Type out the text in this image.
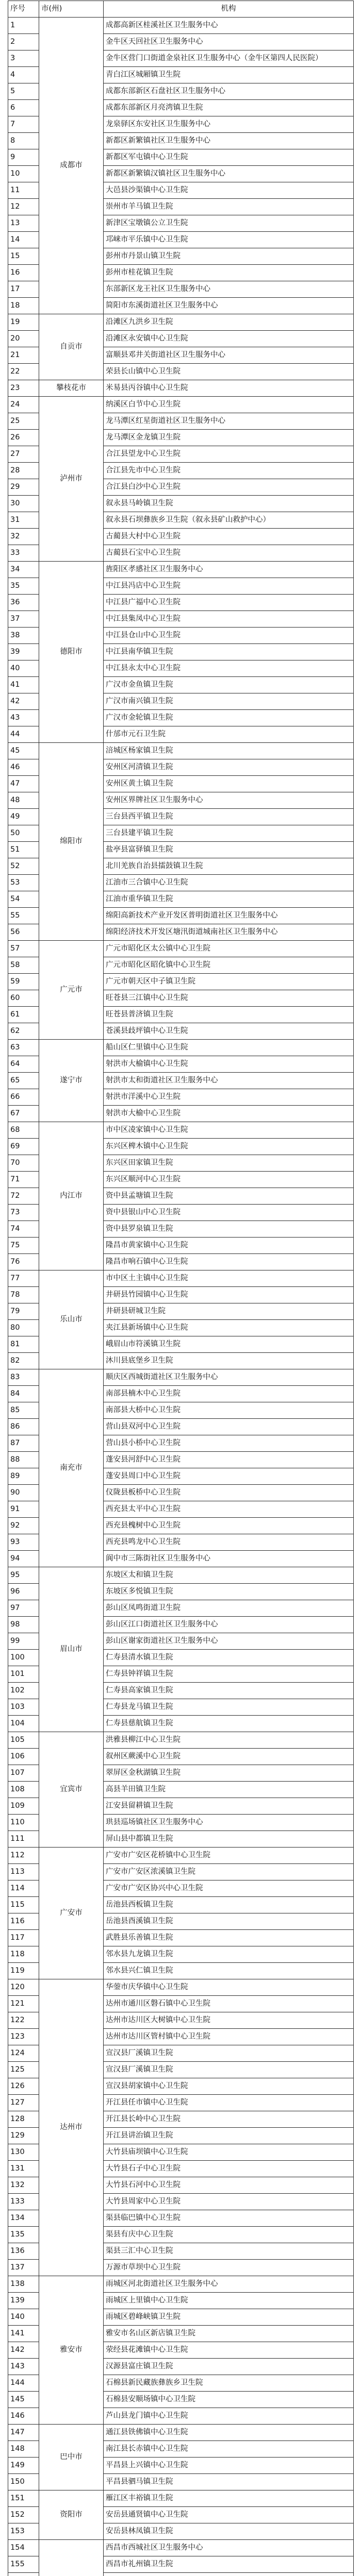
序号	市(州)	机构
1	成都市	成都高新区桂溪社区卫生服务中心
2		金牛区天回社区卫生服务中心
3		金牛区营门口街道金泉社区卫生服务中心（金牛区第四人民医院）
4		青白江区城厢镇卫生院
5		成都东部新区石盘社区卫生服务中心
6		成都东部新区月亮湾镇卫生院
7		龙泉驿区东安社区卫生服务中心
8		新都区新繁镇社区卫生服务中心
9		新都区军屯镇中心卫生院
10		新都区新繁镇汉镇社区卫生服务中心
11		大邑县沙渠镇中心卫生院
12		崇州市羊马镇卫生院
13		新津区宝墩镇公立卫生院
14		邛崃市平乐镇中心卫生院
15		彭州市丹景山镇卫生院
16		彭州市桂花镇卫生院
17		东部新区龙王社区卫生服务中心
18		简阳市东溪街道社区卫生服务中心
19	自贡市	沿滩区九洪乡卫生院
20		沿滩区永安镇中心卫生院
21		富顺县邓井关街道社区卫生服务中心
22		荣县长山镇中心卫生院
23	攀枝花市	米易县丙谷镇中心卫生院
24	泸州市	纳溪区白节中心卫生院
25		龙马潭区红星街道社区卫生服务中心
26		龙马潭区金龙镇卫生院
27		合江县望龙中心卫生院
28		合江县先市中心卫生院
29		合江县白沙中心卫生院
30		叙永县马岭镇卫生院
31		叙永县石坝彝族乡卫生院（叙永县矿山救护中心）
32		古蔺县大村中心卫生院
33		古蔺县石宝中心卫生院
34	德阳市	旌阳区孝感社区卫生服务中心
35		中江县冯店中心卫生院
36		中江县广福中心卫生院
37		中江县集凤中心卫生院
38		中江县仓山中心卫生院
39		中江县南华镇卫生院
40		中江县永太中心卫生院
41		广汉市金鱼镇卫生院
42		广汉市南兴镇卫生院
43		广汉市金轮镇卫生院
44		什邡市元石卫生院
45	绵阳市	涪城区杨家镇卫生院
46		安州区河清镇卫生院
47		安州区黄土镇卫生院
48		安州区界牌社区卫生服务中心
49		三台县西平镇卫生院
50		三台县建平镇卫生院
51		盐亭县富驿镇卫生院
52		北川羌族自治县擂鼓镇卫生院
53		江油市三合镇中心卫生院
54		江油市重华镇卫生院
55		绵阳高新技术产业开发区普明街道社区卫生服务中心
56		绵阳经济技术开发区塘汛街道城南社区卫生服务中心
57	广元市	广元市昭化区太公镇中心卫生院
58		广元市昭化区昭化镇中心卫生院
59		广元市朝天区中子镇卫生院
60		旺苍县三江镇中心卫生院
61		旺苍县普济镇卫生院
62		苍溪县歧坪镇中心卫生院
63	遂宁市	船山区仁里镇中心卫生院
64		射洪市大榆镇中心卫生院
65		射洪市太和街道社区卫生服务中心
66		射洪市洋溪中心卫生院
67		射洪市大榆中心卫生院
68	内江市	市中区凌家镇中心卫生院
69		东兴区椑木镇中心卫生院
70		东兴区田家镇卫生院
71		东兴区顺河中心卫生院
72		资中县孟塘镇卫生院
73		资中县银山中心卫生院
74		资中县罗泉镇卫生院
75		隆昌市黄家镇中心卫生院
76		隆昌市响石镇中心卫生院
77	乐山市	市中区土主镇中心卫生院
78		井研县竹园镇中心卫生院
79		井研县研城卫生院
80		夹江县新场镇中心卫生院
81		峨眉山市符溪镇卫生院
82		沐川县底堡乡卫生院
83	南充市	顺庆区西城街道社区卫生服务中心
84		南部县楠木中心卫生院
85		南部县大桥中心卫生院
86		营山县双河中心卫生院
87		营山县小桥中心卫生院
88		蓬安县河舒中心卫生院
89		蓬安县周口中心卫生院
90		仪陇县板桥中心卫生院
91		西充县太平中心卫生院
92		西充县槐树中心卫生院
93		西充县鸣龙中心卫生院
94		阆中市三陈街社区卫生服务中心
95	眉山市	东坡区太和镇卫生院
96		东坡区多悦镇卫生院
97		彭山区凤鸣街道卫生院
98		彭山区江口街道社区卫生服务中心
99		彭山区谢家街道社区卫生服务中心
100		仁寿县清水镇卫生院
101		仁寿县钟祥镇卫生院
102		仁寿县高家镇卫生院
103		仁寿县龙马镇卫生院
104		仁寿县慈航镇卫生院
105	宜宾市	洪雅县柳江中心卫生院
106		叙州区蕨溪中心卫生院
107		翠屏区金秋湖镇卫生院
108		高县羊田镇卫生院
109		江安县留耕镇卫生院
110		珙县巡场镇社区卫生服务中心
111		屏山县中都镇卫生院
112	广安市	广安市广安区花桥镇中心卫生院
113		广安市广安区浓溪镇卫生院
114		广安市广安区协兴中心卫生院
115		岳池县西板镇卫生院
116		岳池县酉溪镇卫生院
117		武胜县乐善镇卫生院
118		邻水县九龙镇卫生院
119		邻水县兴仁镇卫生院
120	达州市	华蓥市庆华镇中心卫生院
121		达州市通川区磐石镇中心卫生院
122		达州市达川区大树镇中心卫生院
123		达州市达川区管村镇中心卫生院
124		宣汉县厂溪镇卫生院
125		宣汉县厂溪镇卫生院
126		宣汉县胡家镇中心卫生院
127		开江县任市镇中心卫生院
128		开江县长岭中心卫生院
129		开江县讲治镇卫生院
130		大竹县庙坝镇中心卫生院
131		大竹县石子中心卫生院
132		大竹县石河中心卫生院
133		大竹县周家中心卫生院
134		渠县临巴镇中心卫生院
135		渠县有庆中心卫生院
136		渠县三汇中心卫生院
137		万源市草坝中心卫生院
138	雅安市	雨城区河北街道社区卫生服务中心
139		雨城区上里镇中心卫生院
140		雨城区碧峰峡镇卫生院
141		雅安市名山区新店镇卫生院
142		荥经县花滩镇中心卫生院
143		汉源县富庄镇卫生院
144		石棉县新民藏族彝族乡卫生院
145		石棉县安顺场镇中心卫生院
146		芦山县龙门镇中心卫生院
147	巴中市	通江县铁佛镇中心卫生院
148		南江县长赤镇中心卫生院
149		平昌县上兴镇中心卫生院
150		平昌县驷马镇卫生院
151	资阳市	雁江区丰裕镇卫生院
152		安岳县通贤镇中心卫生院
153		安岳县林凤镇卫生院
154		西昌市西城社区卫生服务中心
155		西昌市礼州镇卫生院
